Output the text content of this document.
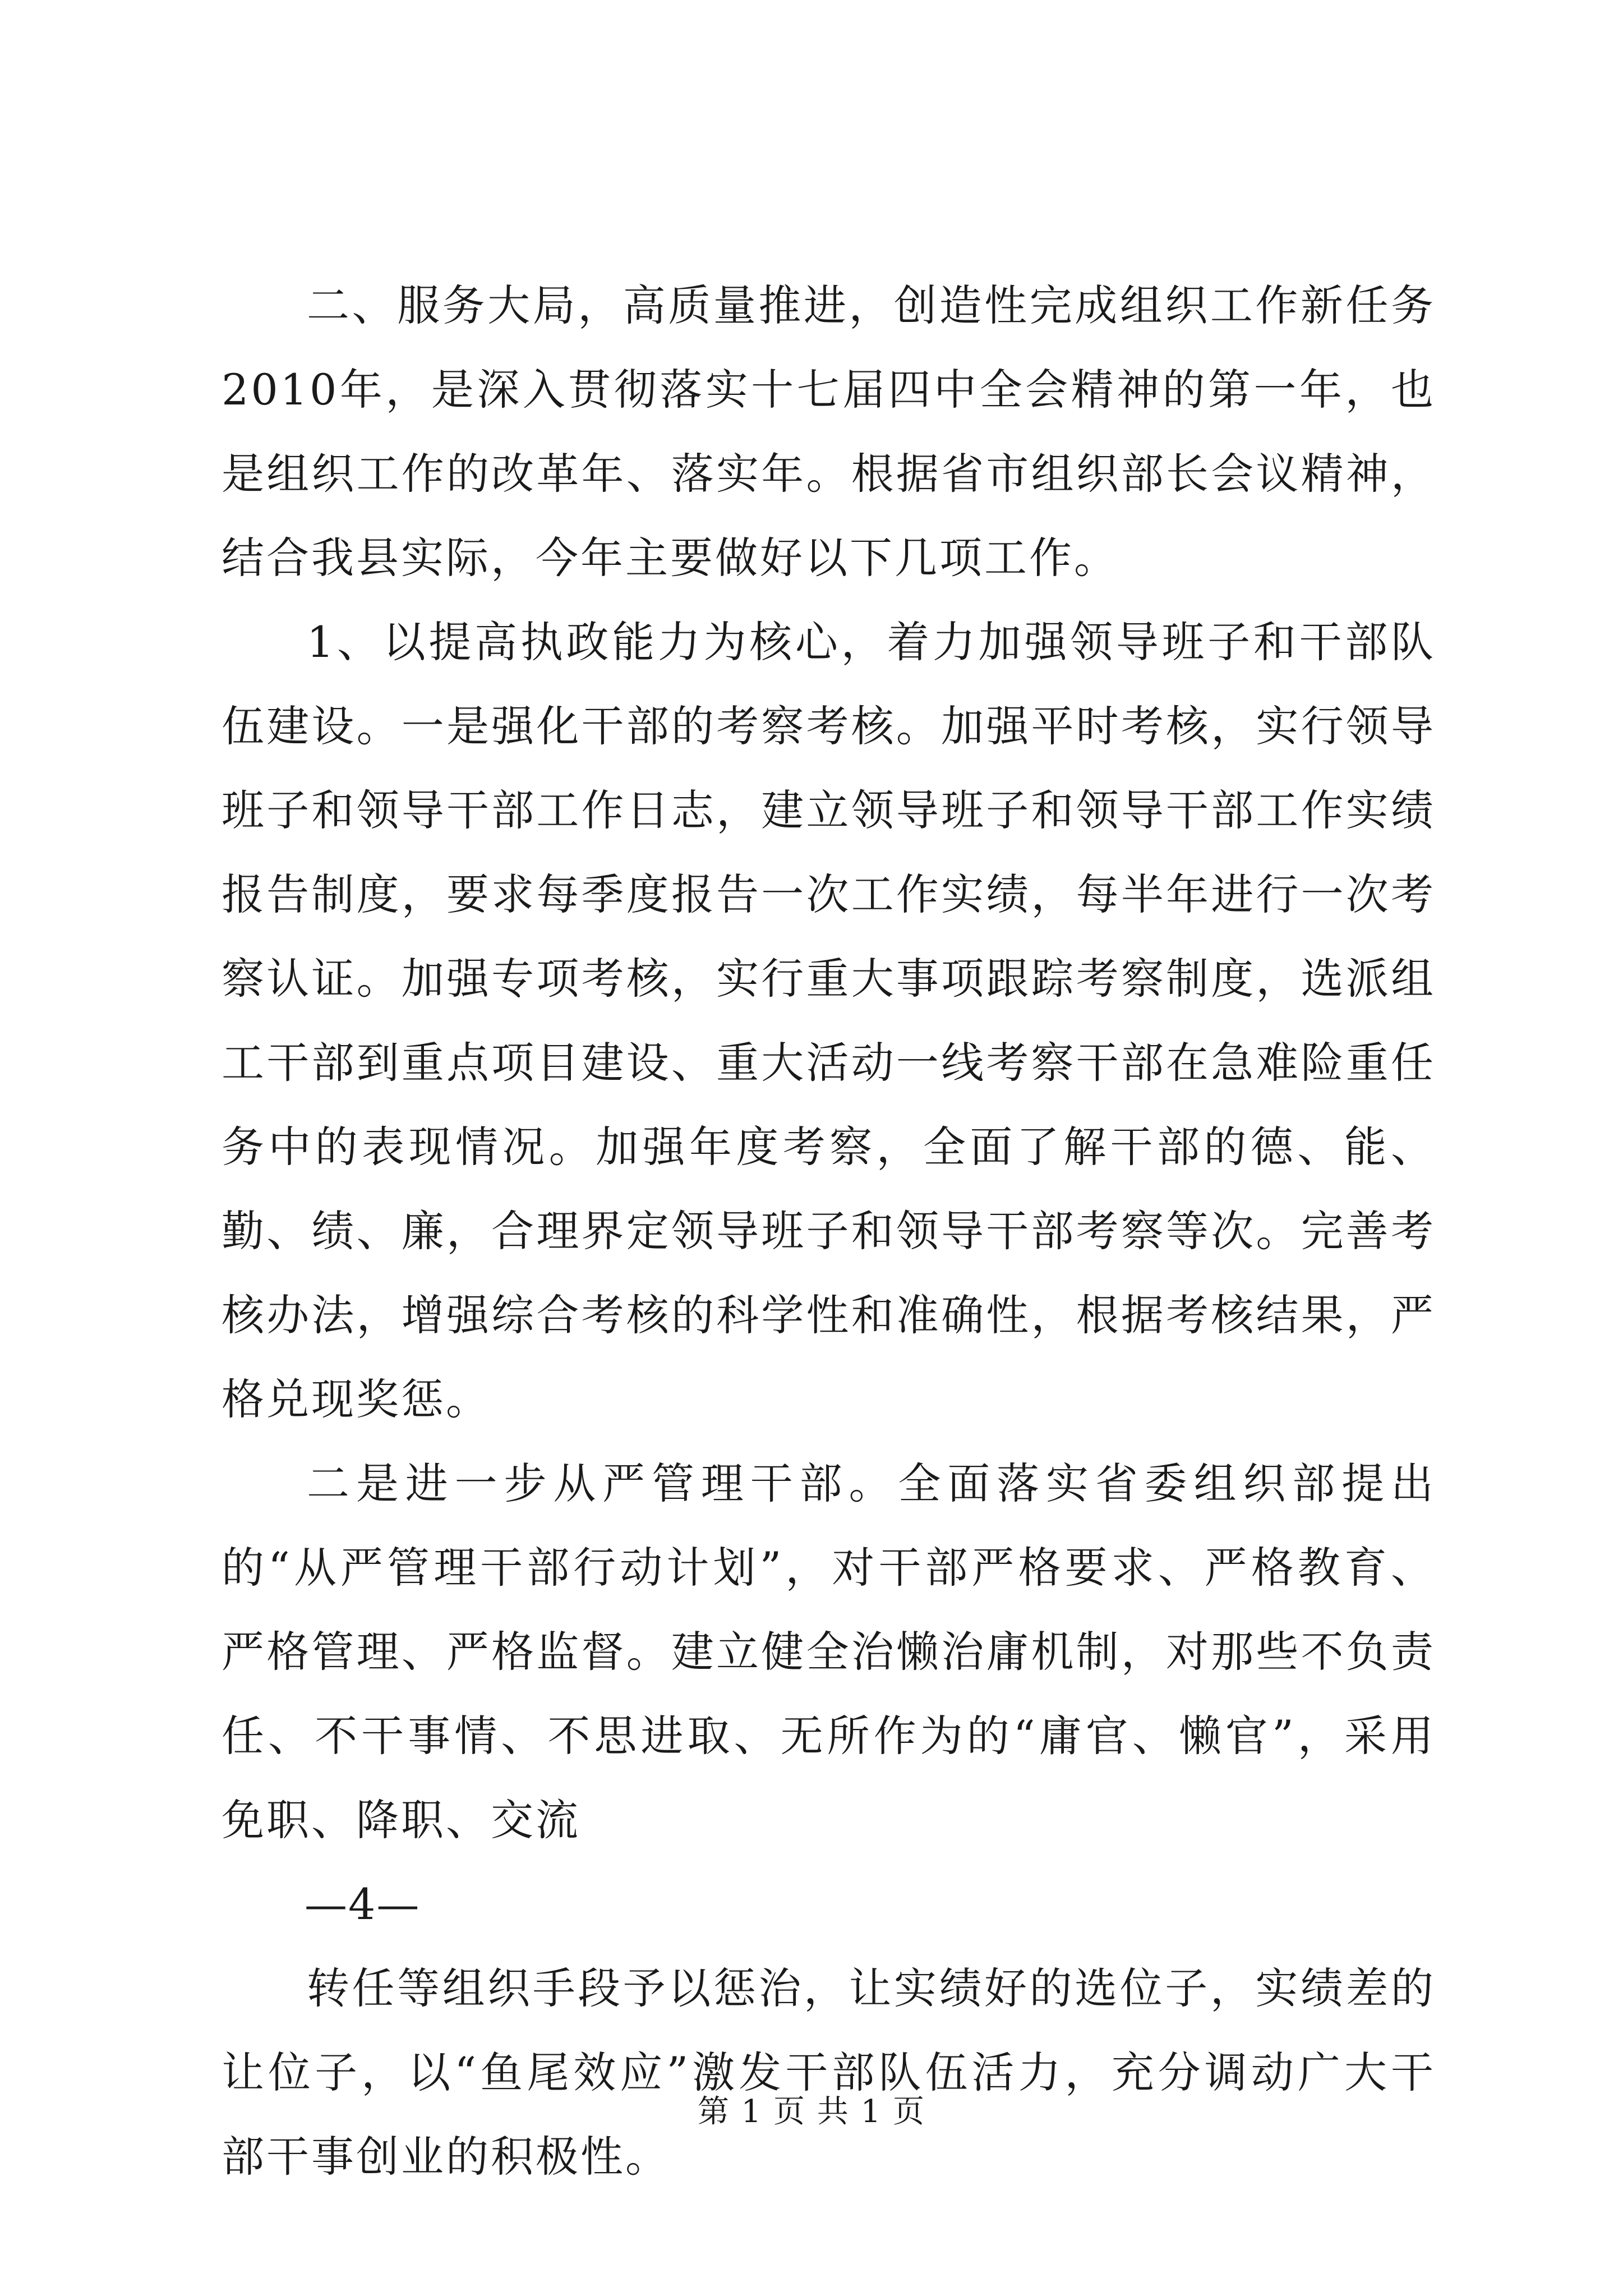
二、服务大局，高质量推进，创造性完成组织工作新任务2010年，是深入贯彻落实十七届四中全会精神的第一年，也是组织工作的改革年、落实年。根据省市组织部长会议精神，结合我县实际，今年主要做好以下几项工作。

1、以提高执政能力为核心，着力加强领导班子和干部队伍建设。一是强化干部的考察考核。加强平时考核，实行领导班子和领导干部工作日志，建立领导班子和领导干部工作实绩报告制度，要求每季度报告一次工作实绩，每半年进行一次考察认证。加强专项考核，实行重大事项跟踪考察制度，选派组工干部到重点项目建设、重大活动一线考察干部在急难险重任务中的表现情况。加强年度考察，全面了解干部的德、能、勤、绩、廉，合理界定领导班子和领导干部考察等次。完善考核办法，增强综合考核的科学性和准确性，根据考核结果，严格兑现奖惩。

二是进一步从严管理干部。全面落实省委组织部提出的“从严管理干部行动计划”，对干部严格要求、严格教育、严格管理、严格监督。建立健全治懒治庸机制，对那些不负责任、不干事情、不思进取、无所作为的“庸官、懒官”，采用免职、降职、交流

—4—

转任等组织手段予以惩治，让实绩好的选位子，实绩差的让位子，以“鱼尾效应”激发干部队伍活力，充分调动广大干部干事创业的积极性。

第 1 页 共 1 页
